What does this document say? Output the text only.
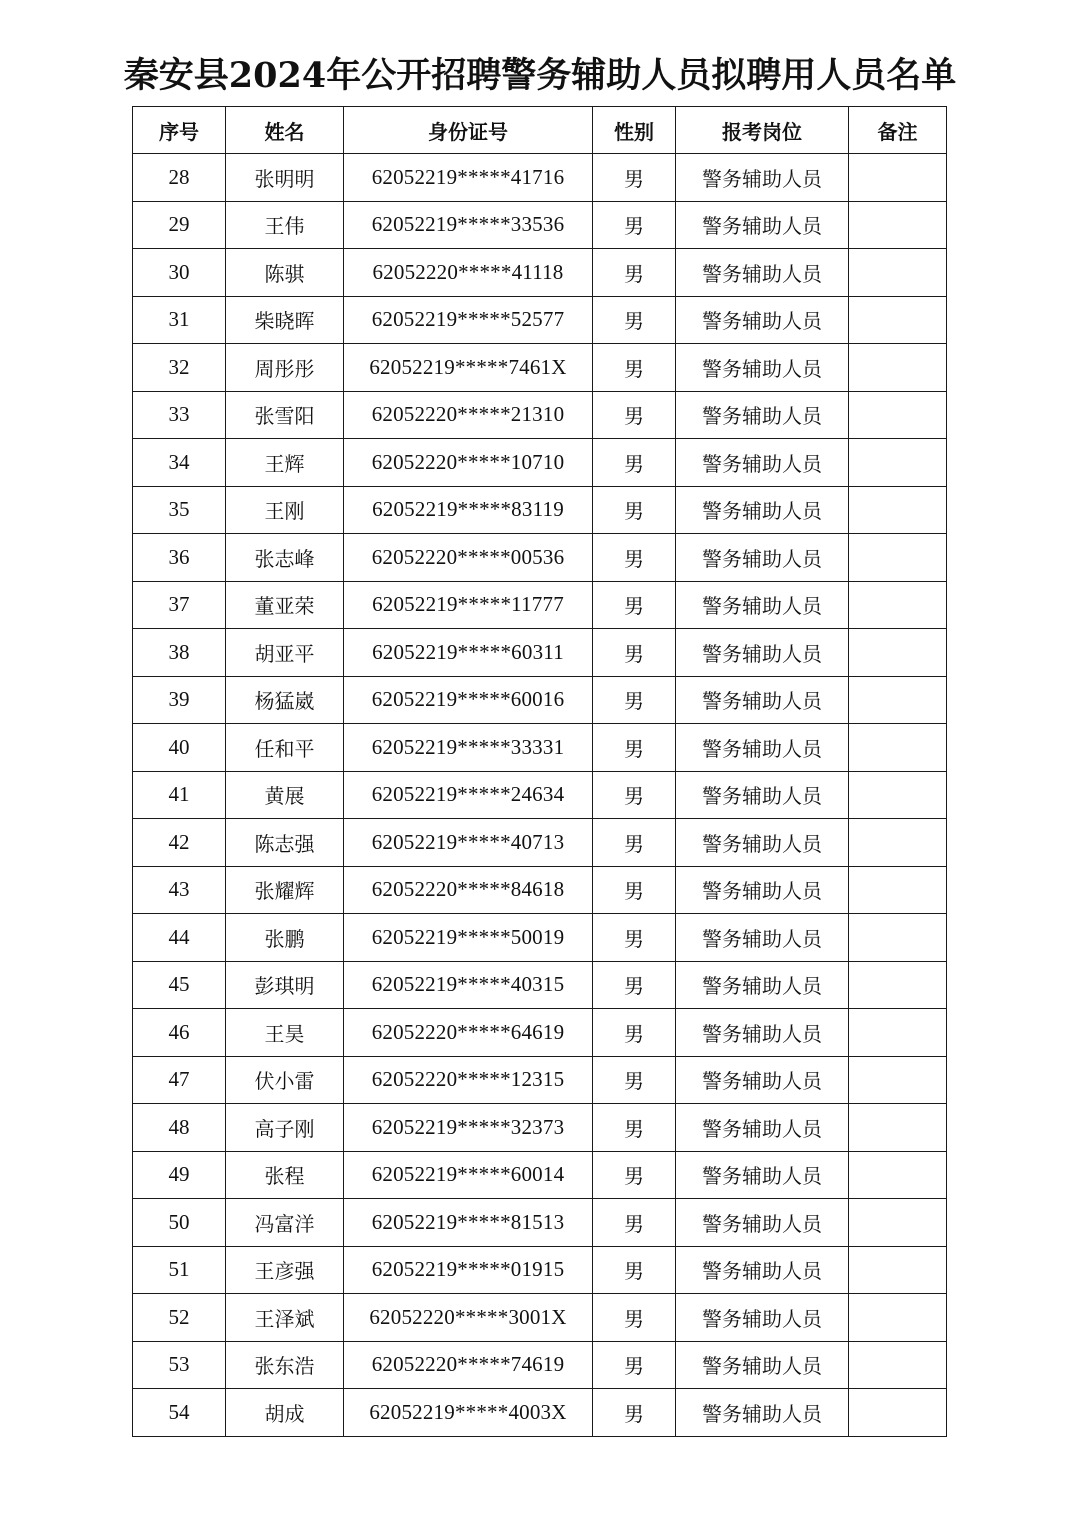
秦安县2024年公开招聘警务辅助人员拟聘用人员名单
序号	姓名	身份证号	性别	报考岗位	备注
28	张明明	62052219*****41716	男	警务辅助人员	
29	王伟	62052219*****33536	男	警务辅助人员	
30	陈骐	62052220*****41118	男	警务辅助人员	
31	柴晓晖	62052219*****52577	男	警务辅助人员	
32	周彤彤	62052219*****7461X	男	警务辅助人员	
33	张雪阳	62052220*****21310	男	警务辅助人员	
34	王辉	62052220*****10710	男	警务辅助人员	
35	王刚	62052219*****83119	男	警务辅助人员	
36	张志峰	62052220*****00536	男	警务辅助人员	
37	董亚荣	62052219*****11777	男	警务辅助人员	
38	胡亚平	62052219*****60311	男	警务辅助人员	
39	杨猛崴	62052219*****60016	男	警务辅助人员	
40	任和平	62052219*****33331	男	警务辅助人员	
41	黄展	62052219*****24634	男	警务辅助人员	
42	陈志强	62052219*****40713	男	警务辅助人员	
43	张耀辉	62052220*****84618	男	警务辅助人员	
44	张鹏	62052219*****50019	男	警务辅助人员	
45	彭琪明	62052219*****40315	男	警务辅助人员	
46	王昊	62052220*****64619	男	警务辅助人员	
47	伏小雷	62052220*****12315	男	警务辅助人员	
48	高子刚	62052219*****32373	男	警务辅助人员	
49	张程	62052219*****60014	男	警务辅助人员	
50	冯富洋	62052219*****81513	男	警务辅助人员	
51	王彦强	62052219*****01915	男	警务辅助人员	
52	王泽斌	62052220*****3001X	男	警务辅助人员	
53	张东浩	62052220*****74619	男	警务辅助人员	
54	胡成	62052219*****4003X	男	警务辅助人员	
